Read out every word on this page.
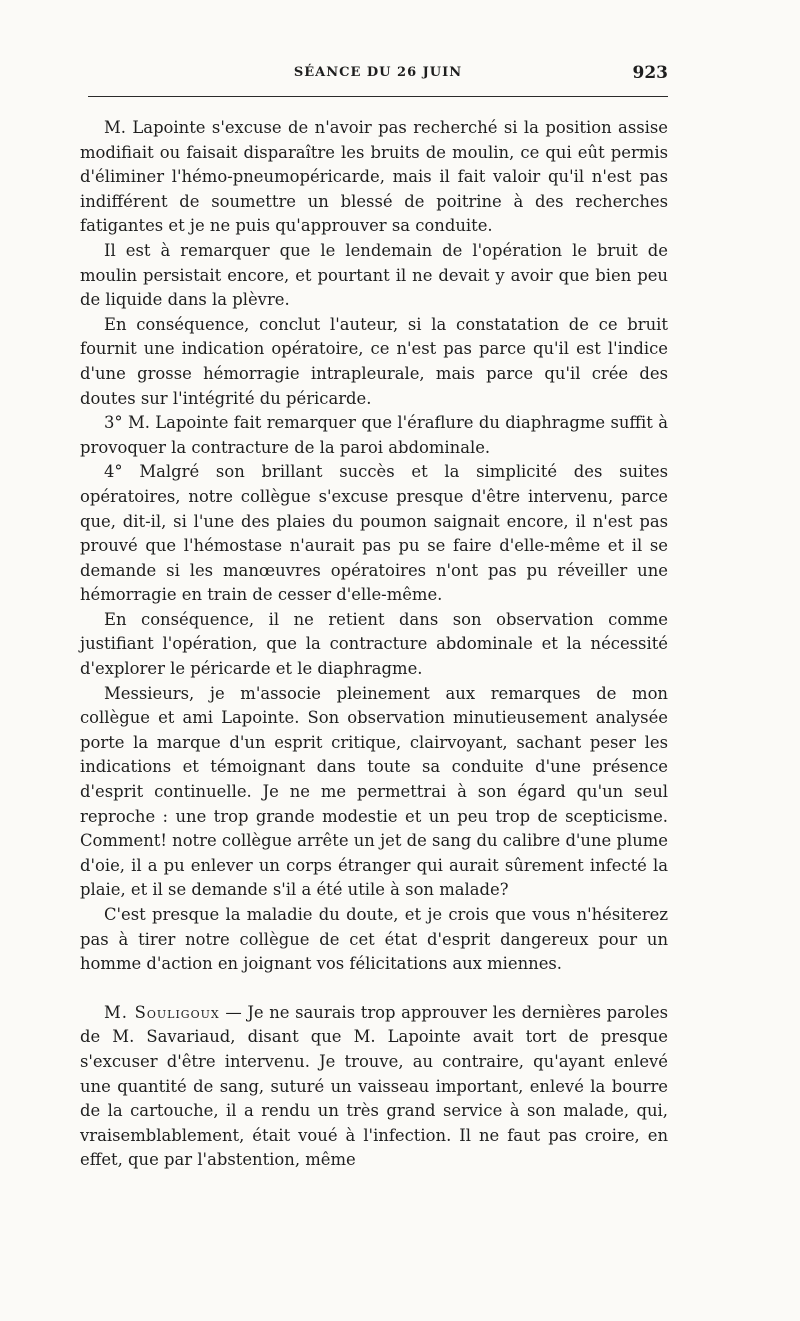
SÉANCE DU 26 JUIN	923

M. Lapointe s'excuse de n'avoir pas recherché si la position assise modifiait ou faisait disparaître les bruits de moulin, ce qui eût permis d'éliminer l'hémo-pneumopéricarde, mais il fait valoir qu'il n'est pas indifférent de soumettre un blessé de poitrine à des recherches fatigantes et je ne puis qu'approuver sa conduite.

Il est à remarquer que le lendemain de l'opération le bruit de moulin persistait encore, et pourtant il ne devait y avoir que bien peu de liquide dans la plèvre.

En conséquence, conclut l'auteur, si la constatation de ce bruit fournit une indication opératoire, ce n'est pas parce qu'il est l'indice d'une grosse hémorragie intrapleurale, mais parce qu'il crée des doutes sur l'intégrité du péricarde.

3° M. Lapointe fait remarquer que l'éraflure du diaphragme suffit à provoquer la contracture de la paroi abdominale.

4° Malgré son brillant succès et la simplicité des suites opératoires, notre collègue s'excuse presque d'être intervenu, parce que, dit-il, si l'une des plaies du poumon saignait encore, il n'est pas prouvé que l'hémostase n'aurait pas pu se faire d'elle-même et il se demande si les manœuvres opératoires n'ont pas pu réveiller une hémorragie en train de cesser d'elle-même.

En conséquence, il ne retient dans son observation comme justifiant l'opération, que la contracture abdominale et la nécessité d'explorer le péricarde et le diaphragme.

Messieurs, je m'associe pleinement aux remarques de mon collègue et ami Lapointe. Son observation minutieusement analysée porte la marque d'un esprit critique, clairvoyant, sachant peser les indications et témoignant dans toute sa conduite d'une présence d'esprit continuelle. Je ne me permettrai à son égard qu'un seul reproche : une trop grande modestie et un peu trop de scepticisme. Comment! notre collègue arrête un jet de sang du calibre d'une plume d'oie, il a pu enlever un corps étranger qui aurait sûrement infecté la plaie, et il se demande s'il a été utile à son malade?

C'est presque la maladie du doute, et je crois que vous n'hésiterez pas à tirer notre collègue de cet état d'esprit dangereux pour un homme d'action en joignant vos félicitations aux miennes.

M. Souligoux — Je ne saurais trop approuver les dernières paroles de M. Savariaud, disant que M. Lapointe avait tort de presque s'excuser d'être intervenu. Je trouve, au contraire, qu'ayant enlevé une quantité de sang, suturé un vaisseau important, enlevé la bourre de la cartouche, il a rendu un très grand service à son malade, qui, vraisemblablement, était voué à l'infection. Il ne faut pas croire, en effet, que par l'abstention, même
